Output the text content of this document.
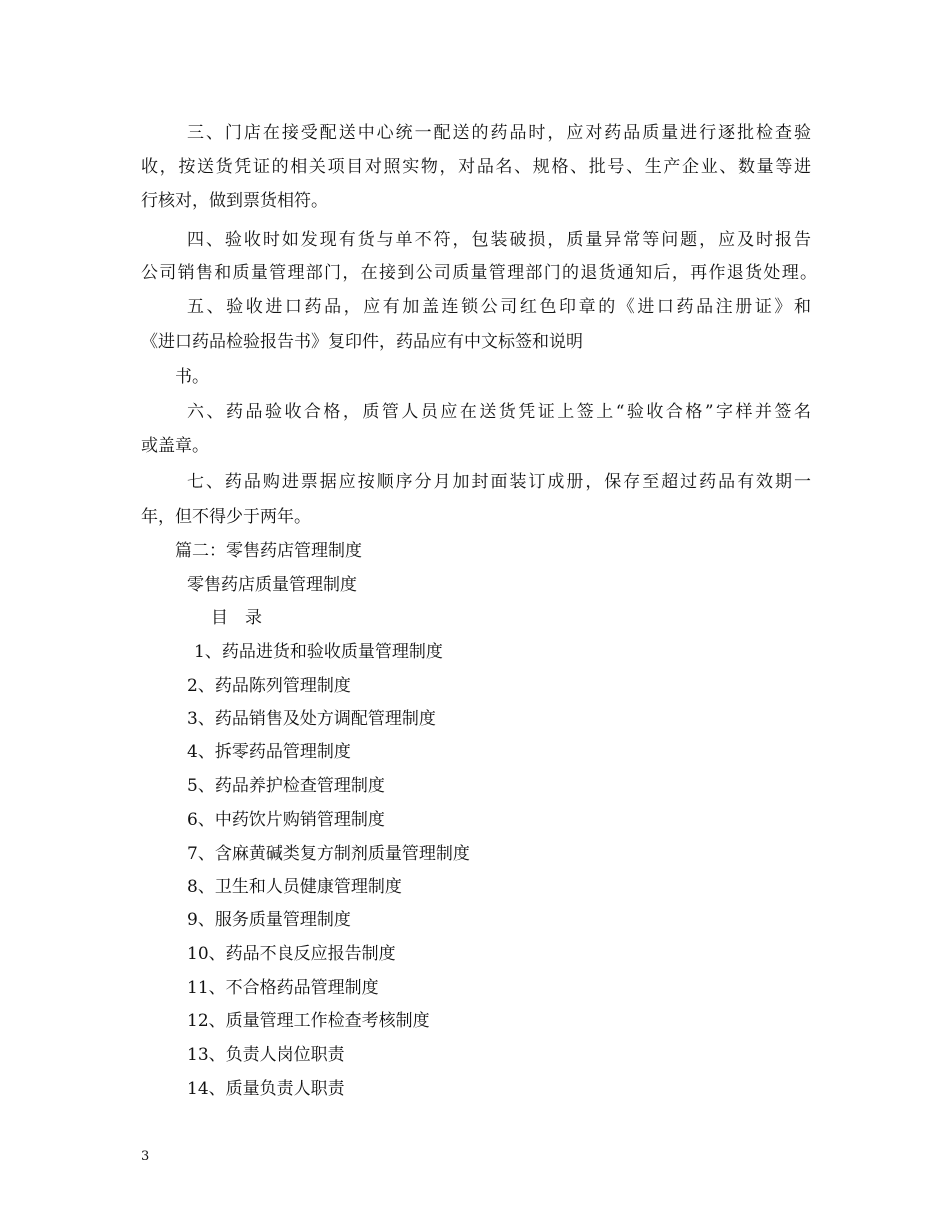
三、门店在接受配送中心统一配送的药品时，应对药品质量进行逐批检查验
收，按送货凭证的相关项目对照实物，对品名、规格、批号、生产企业、数量等进
行核对，做到票货相符。
四、验收时如发现有货与单不符，包装破损，质量异常等问题，应及时报告
公司销售和质量管理部门，在接到公司质量管理部门的退货通知后，再作退货处理。
五、验收进口药品，应有加盖连锁公司红色印章的《进口药品注册证》和
《进口药品检验报告书》复印件，药品应有中文标签和说明
书。
六、药品验收合格，质管人员应在送货凭证上签上“验收合格”字样并签名
或盖章。
七、药品购进票据应按顺序分月加封面装订成册，保存至超过药品有效期一
年，但不得少于两年。
篇二：零售药店管理制度
零售药店质量管理制度
目　录
1、药品进货和验收质量管理制度
2、药品陈列管理制度
3、药品销售及处方调配管理制度
4、拆零药品管理制度
5、药品养护检查管理制度
6、中药饮片购销管理制度
7、含麻黄碱类复方制剂质量管理制度
8、卫生和人员健康管理制度
9、服务质量管理制度
10、药品不良反应报告制度
11、不合格药品管理制度
12、质量管理工作检查考核制度
13、负责人岗位职责
14、质量负责人职责
3
